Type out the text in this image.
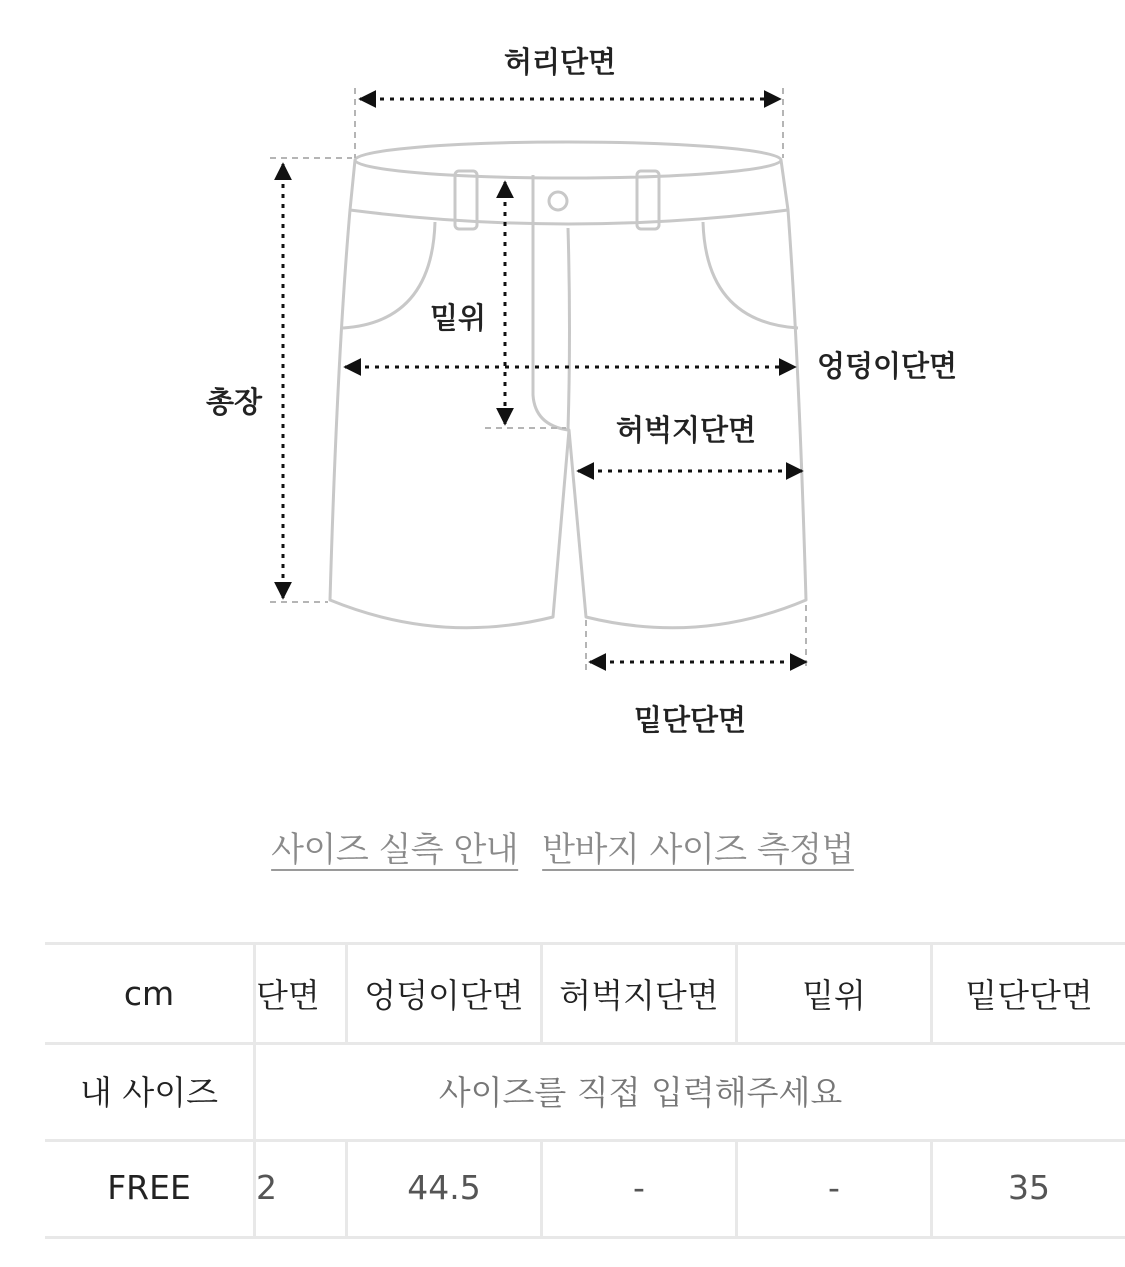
허리단면
밑위
엉덩이단면
총장
허벅지단면
밑단단면
사이즈 실측 안내 반바지 사이즈 측정법
cm	단면	엉덩이단면	허벅지단면	밑위	밑단단면
내 사이즈	사이즈를 직접 입력해주세요
FREE	2	44.5	-	-	35
